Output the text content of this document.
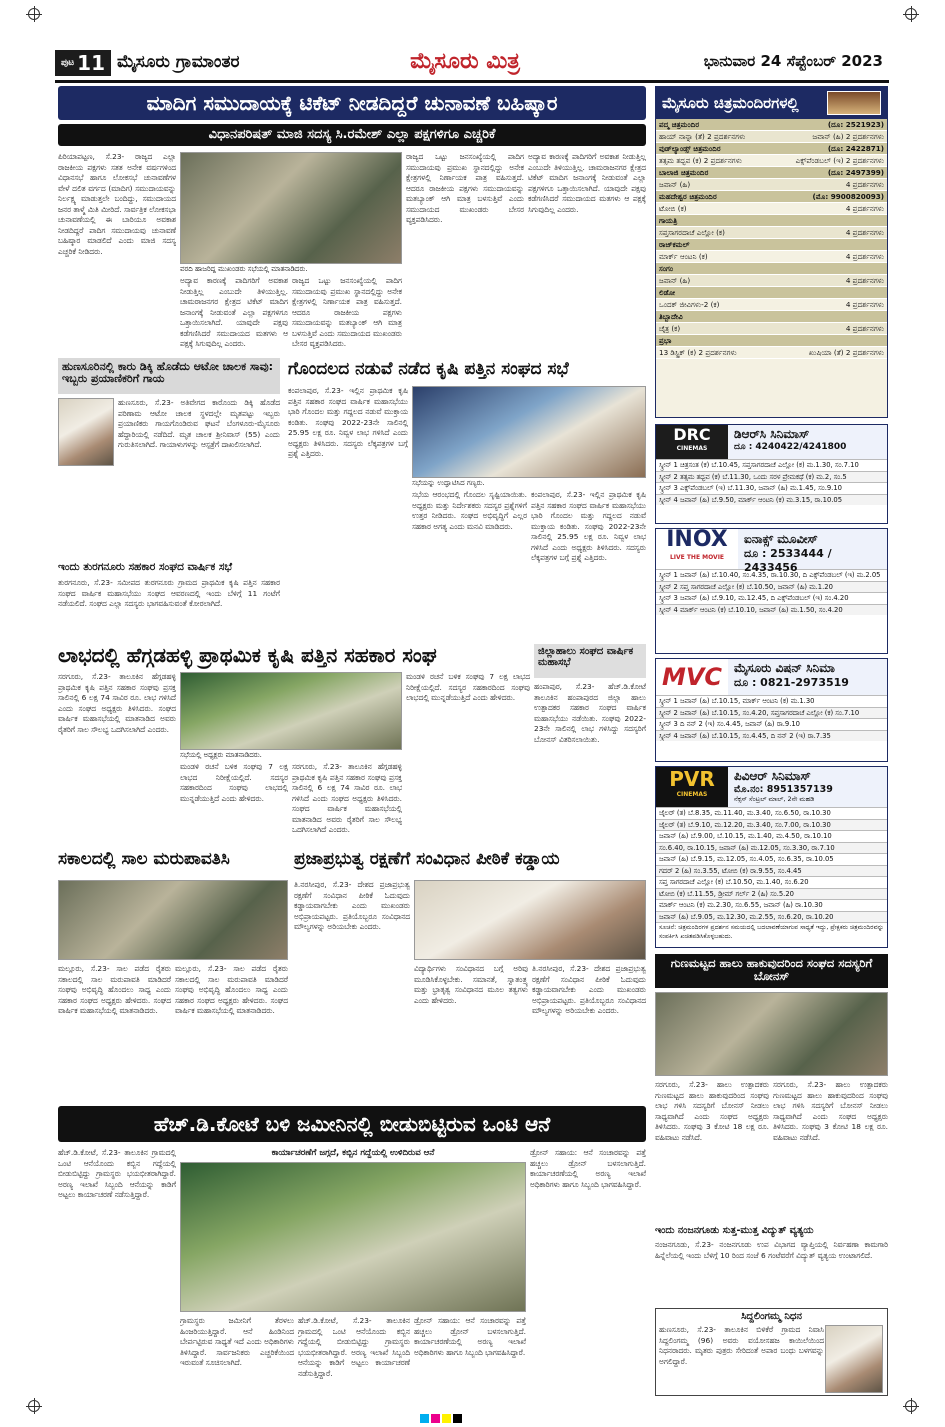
ಪುಟ 11 ಮೈಸೂರು ಗ್ರಾಮಾಂತರ	ಮೈಸೂರು ಮಿತ್ರ	ಭಾನುವಾರ 24 ಸೆಪ್ಟೆಂಬರ್ 2023
ಮಾದಿಗ ಸಮುದಾಯಕ್ಕೆ ಟಿಕೆಟ್ ನೀಡದಿದ್ದರೆ ಚುನಾವಣೆ ಬಹಿಷ್ಕಾರ
ವಿಧಾನಪರಿಷತ್ ಮಾಜಿ ಸದಸ್ಯ ಸಿ.ರಮೇಶ್ ಎಲ್ಲಾ ಪಕ್ಷಗಳಿಗೂ ಎಚ್ಚರಿಕೆ
ಪಿರಿಯಾಪಟ್ಟಣ, ಸೆ.23- ರಾಜ್ಯದ ಎಲ್ಲಾ ರಾಜಕೀಯ ಪಕ್ಷಗಳು ಸತತ ಅನೇಕ ವರ್ಷಗಳಿಂದ ವಿಧಾನಸಭೆ ಹಾಗೂ ಲೋಕಸಭೆ ಚುನಾವಣೆಗಳ ವೇಳೆ ದಲಿತ ವರ್ಗದ (ಮಾದಿಗ) ಸಮುದಾಯವನ್ನು ನಿರ್ಲಕ್ಷ್ಯ ಮಾಡುತ್ತಲೇ ಬಂದಿದ್ದು, ಸಮುದಾಯದ ಜನರ ತಾಳ್ಮೆ ಮಿತಿ ಮೀರಿದೆ. ಸಾರ್ವತ್ರಿಕ ಲೋಕಸಭಾ ಚುನಾವಣೆಯಲ್ಲಿ ಈ ಬಾರಿಯೂ ಅವಕಾಶ ನೀಡದಿದ್ದರೆ ಪಾದಿಗ ಸಮುದಾಯವು ಚುನಾವಣೆ ಬಹಿಷ್ಕಾರ ಮಾಡಲಿದೆ ಎಂದು ಮಾಜಿ ಸದಸ್ಯ ಎಚ್ಚರಿಕೆ ನೀಡಿದರು.
ವರದಿ ಹಾಜರಿದ್ದ ಮುಖಂಡರು ಸಭೆಯಲ್ಲಿ ಮಾತನಾಡಿದರು.
ಅದ್ಯಾವ ಕಾರಣಕ್ಕೆ ಪಾದಿಗರಿಗೆ ಅವಕಾಶ ನೀಡುತ್ತಿಲ್ಲ ಎಂಬುದೇ ತಿಳಿಯುತ್ತಿಲ್ಲ. ಚಾಮರಾಜನಗರ ಕ್ಷೇತ್ರದ ಟಿಕೆಟ್ ಮಾದಿಗ ಜನಾಂಗಕ್ಕೆ ನೀಡುವಂತೆ ಎಲ್ಲಾ ಪಕ್ಷಗಳಿಗೂ ಒತ್ತಾಯಿಸಲಾಗಿದೆ. ಯಾವುದೇ ಪಕ್ಷವು ಕಡೆಗಣಿಸಿದರೆ ಸಮುದಾಯದ ಮತಗಳು ಆ ಪಕ್ಷಕ್ಕೆ ಸಿಗುವುದಿಲ್ಲ ಎಂದರು.
ರಾಜ್ಯದ ಒಟ್ಟು ಜನಸಂಖ್ಯೆಯಲ್ಲಿ ಪಾದಿಗ ಸಮುದಾಯವು ಪ್ರಮುಖ ಸ್ಥಾನದಲ್ಲಿದ್ದು ಅನೇಕ ಕ್ಷೇತ್ರಗಳಲ್ಲಿ ನಿರ್ಣಾಯಕ ಪಾತ್ರ ವಹಿಸುತ್ತದೆ. ಆದರೂ ರಾಜಕೀಯ ಪಕ್ಷಗಳು ಸಮುದಾಯವನ್ನು ಮತಬ್ಯಾಂಕ್ ಆಗಿ ಮಾತ್ರ ಬಳಸುತ್ತಿವೆ ಎಂದು ಸಮುದಾಯದ ಮುಖಂಡರು ಬೇಸರ ವ್ಯಕ್ತಪಡಿಸಿದರು.
ರಾಜ್ಯದ ಒಟ್ಟು ಜನಸಂಖ್ಯೆಯಲ್ಲಿ ಪಾದಿಗ ಸಮುದಾಯವು ಪ್ರಮುಖ ಸ್ಥಾನದಲ್ಲಿದ್ದು ಅನೇಕ ಕ್ಷೇತ್ರಗಳಲ್ಲಿ ನಿರ್ಣಾಯಕ ಪಾತ್ರ ವಹಿಸುತ್ತದೆ. ಆದರೂ ರಾಜಕೀಯ ಪಕ್ಷಗಳು ಸಮುದಾಯವನ್ನು ಮತಬ್ಯಾಂಕ್ ಆಗಿ ಮಾತ್ರ ಬಳಸುತ್ತಿವೆ ಎಂದು ಸಮುದಾಯದ ಮುಖಂಡರು ಬೇಸರ ವ್ಯಕ್ತಪಡಿಸಿದರು.
ಅದ್ಯಾವ ಕಾರಣಕ್ಕೆ ಪಾದಿಗರಿಗೆ ಅವಕಾಶ ನೀಡುತ್ತಿಲ್ಲ ಎಂಬುದೇ ತಿಳಿಯುತ್ತಿಲ್ಲ. ಚಾಮರಾಜನಗರ ಕ್ಷೇತ್ರದ ಟಿಕೆಟ್ ಮಾದಿಗ ಜನಾಂಗಕ್ಕೆ ನೀಡುವಂತೆ ಎಲ್ಲಾ ಪಕ್ಷಗಳಿಗೂ ಒತ್ತಾಯಿಸಲಾಗಿದೆ. ಯಾವುದೇ ಪಕ್ಷವು ಕಡೆಗಣಿಸಿದರೆ ಸಮುದಾಯದ ಮತಗಳು ಆ ಪಕ್ಷಕ್ಕೆ ಸಿಗುವುದಿಲ್ಲ ಎಂದರು.
ಹುಣಸೂರಿನಲ್ಲಿ ಕಾರು ಡಿಕ್ಕಿ ಹೊಡೆದು ಆಟೋ ಚಾಲಕ ಸಾವು: ಇಬ್ಬರು ಪ್ರಯಾಣಿಕರಿಗೆ ಗಾಯ
ಹುಣಸೂರು, ಸೆ.23- ಅತಿವೇಗದ ಕಾರೊಂದು ಡಿಕ್ಕಿ ಹೊಡೆದ ಪರಿಣಾಮ ಆಟೋ ಚಾಲಕ ಸ್ಥಳದಲ್ಲೇ ಮೃತಪಟ್ಟು ಇಬ್ಬರು ಪ್ರಯಾಣಿಕರು ಗಾಯಗೊಂಡಿರುವ ಘಟನೆ ಬೆಂಗಳೂರು-ಮೈಸೂರು ಹೆದ್ದಾರಿಯಲ್ಲಿ ನಡೆದಿದೆ. ಮೃತ ಚಾಲಕ ಶ್ರೀನಿವಾಸ್ (55) ಎಂದು ಗುರುತಿಸಲಾಗಿದೆ. ಗಾಯಾಳುಗಳನ್ನು ಆಸ್ಪತ್ರೆಗೆ ದಾಖಲಿಸಲಾಗಿದೆ.
ಇಂದು ತುರಗನೂರು ಸಹಕಾರ ಸಂಘದ ವಾರ್ಷಿಕ ಸಭೆ
ತುರಗನೂರು, ಸೆ.23- ಸಮೀಪದ ತುರಗನೂರು ಗ್ರಾಮದ ಪ್ರಾಥಮಿಕ ಕೃಷಿ ಪತ್ತಿನ ಸಹಕಾರ ಸಂಘದ ವಾರ್ಷಿಕ ಮಹಾಸಭೆಯು ಸಂಘದ ಆವರಣದಲ್ಲಿ ಇಂದು ಬೆಳಿಗ್ಗೆ 11 ಗಂಟೆಗೆ ನಡೆಯಲಿದೆ. ಸಂಘದ ಎಲ್ಲಾ ಸದಸ್ಯರು ಭಾಗವಹಿಸುವಂತೆ ಕೋರಲಾಗಿದೆ.
ಗೊಂದಲದ ನಡುವೆ ನಡೆದ ಕೃಷಿ ಪತ್ತಿನ ಸಂಘದ ಸಭೆ
ಕಂಪಲಾಪುರ, ಸೆ.23- ಇಲ್ಲಿನ ಪ್ರಾಥಮಿಕ ಕೃಷಿ ಪತ್ತಿನ ಸಹಕಾರ ಸಂಘದ ವಾರ್ಷಿಕ ಮಹಾಸಭೆಯು ಭಾರಿ ಗೊಂದಲ ಮತ್ತು ಗದ್ದಲದ ನಡುವೆ ಮುಕ್ತಾಯ ಕಂಡಿತು. ಸಂಘವು 2022-23ನೇ ಸಾಲಿನಲ್ಲಿ 25.95 ಲಕ್ಷ ರೂ. ನಿವ್ವಳ ಲಾಭ ಗಳಿಸಿದೆ ಎಂದು ಅಧ್ಯಕ್ಷರು ತಿಳಿಸಿದರು. ಸದಸ್ಯರು ಲೆಕ್ಕಪತ್ರಗಳ ಬಗ್ಗೆ ಪ್ರಶ್ನೆ ಎತ್ತಿದರು.
ಸಭೆಯನ್ನು ಉದ್ಘಾಟಿಸಿದ ಗಣ್ಯರು.
ಸಭೆಯ ಆರಂಭದಲ್ಲಿ ಗೊಂದಲ ಸೃಷ್ಟಿಯಾಯಿತು. ಅಧ್ಯಕ್ಷರು ಮತ್ತು ನಿರ್ದೇಶಕರು ಸದಸ್ಯರ ಪ್ರಶ್ನೆಗಳಿಗೆ ಉತ್ತರ ನೀಡಿದರು. ಸಂಘದ ಅಭಿವೃದ್ಧಿಗೆ ಎಲ್ಲರ ಸಹಕಾರ ಅಗತ್ಯ ಎಂದು ಮನವಿ ಮಾಡಿದರು.
ಕಂಪಲಾಪುರ, ಸೆ.23- ಇಲ್ಲಿನ ಪ್ರಾಥಮಿಕ ಕೃಷಿ ಪತ್ತಿನ ಸಹಕಾರ ಸಂಘದ ವಾರ್ಷಿಕ ಮಹಾಸಭೆಯು ಭಾರಿ ಗೊಂದಲ ಮತ್ತು ಗದ್ದಲದ ನಡುವೆ ಮುಕ್ತಾಯ ಕಂಡಿತು. ಸಂಘವು 2022-23ನೇ ಸಾಲಿನಲ್ಲಿ 25.95 ಲಕ್ಷ ರೂ. ನಿವ್ವಳ ಲಾಭ ಗಳಿಸಿದೆ ಎಂದು ಅಧ್ಯಕ್ಷರು ತಿಳಿಸಿದರು. ಸದಸ್ಯರು ಲೆಕ್ಕಪತ್ರಗಳ ಬಗ್ಗೆ ಪ್ರಶ್ನೆ ಎತ್ತಿದರು.
ಲಾಭದಲ್ಲಿ ಹೆಗ್ಗಡಹಳ್ಳಿ ಪ್ರಾಥಮಿಕ ಕೃಷಿ ಪತ್ತಿನ ಸಹಕಾರ ಸಂಘ
ಸರಗೂರು, ಸೆ.23- ತಾಲೂಕಿನ ಹೆಗ್ಗಡಹಳ್ಳಿ ಪ್ರಾಥಮಿಕ ಕೃಷಿ ಪತ್ತಿನ ಸಹಕಾರ ಸಂಘವು ಪ್ರಸಕ್ತ ಸಾಲಿನಲ್ಲಿ 6 ಲಕ್ಷ 74 ಸಾವಿರ ರೂ. ಲಾಭ ಗಳಿಸಿದೆ ಎಂದು ಸಂಘದ ಅಧ್ಯಕ್ಷರು ತಿಳಿಸಿದರು. ಸಂಘದ ವಾರ್ಷಿಕ ಮಹಾಸಭೆಯಲ್ಲಿ ಮಾತನಾಡಿದ ಅವರು ರೈತರಿಗೆ ಸಾಲ ಸೌಲಭ್ಯ ಒದಗಿಸಲಾಗಿದೆ ಎಂದರು.
ಸಭೆಯಲ್ಲಿ ಅಧ್ಯಕ್ಷರು ಮಾತನಾಡಿದರು.
ಮಂಡಳಿ ರಚನೆ ಬಳಿಕ ಸಂಘವು 7 ಲಕ್ಷ ಲಾಭದ ನಿರೀಕ್ಷೆಯಲ್ಲಿದೆ. ಸದಸ್ಯರ ಸಹಕಾರದಿಂದ ಸಂಘವು ಲಾಭದಲ್ಲಿ ಮುನ್ನಡೆಯುತ್ತಿದೆ ಎಂದು ಹೇಳಿದರು.
ಸರಗೂರು, ಸೆ.23- ತಾಲೂಕಿನ ಹೆಗ್ಗಡಹಳ್ಳಿ ಪ್ರಾಥಮಿಕ ಕೃಷಿ ಪತ್ತಿನ ಸಹಕಾರ ಸಂಘವು ಪ್ರಸಕ್ತ ಸಾಲಿನಲ್ಲಿ 6 ಲಕ್ಷ 74 ಸಾವಿರ ರೂ. ಲಾಭ ಗಳಿಸಿದೆ ಎಂದು ಸಂಘದ ಅಧ್ಯಕ್ಷರು ತಿಳಿಸಿದರು. ಸಂಘದ ವಾರ್ಷಿಕ ಮಹಾಸಭೆಯಲ್ಲಿ ಮಾತನಾಡಿದ ಅವರು ರೈತರಿಗೆ ಸಾಲ ಸೌಲಭ್ಯ ಒದಗಿಸಲಾಗಿದೆ ಎಂದರು.
ಮಂಡಳಿ ರಚನೆ ಬಳಿಕ ಸಂಘವು 7 ಲಕ್ಷ ಲಾಭದ ನಿರೀಕ್ಷೆಯಲ್ಲಿದೆ. ಸದಸ್ಯರ ಸಹಕಾರದಿಂದ ಸಂಘವು ಲಾಭದಲ್ಲಿ ಮುನ್ನಡೆಯುತ್ತಿದೆ ಎಂದು ಹೇಳಿದರು.
ಜಿಲ್ಲಾಹಾಲು ಸಂಘದ ವಾರ್ಷಿಕ ಮಹಾಸಭೆ
ಹಂಪಾಪುರ, ಸೆ.23- ಹೆಚ್.ಡಿ.ಕೋಟೆ ತಾಲೂಕಿನ ಹಂಪಾಪುರದ ಜಿಲ್ಲಾ ಹಾಲು ಉತ್ಪಾದಕರ ಸಹಕಾರ ಸಂಘದ ವಾರ್ಷಿಕ ಮಹಾಸಭೆಯು ನಡೆಯಿತು. ಸಂಘವು 2022-23ನೇ ಸಾಲಿನಲ್ಲಿ ಲಾಭ ಗಳಿಸಿದ್ದು ಸದಸ್ಯರಿಗೆ ಬೋನಸ್ ವಿತರಿಸಲಾಯಿತು.
ಸಕಾಲದಲ್ಲಿ ಸಾಲ ಮರುಪಾವತಿಸಿ
ಮಲ್ಲೂರು, ಸೆ.23- ಸಾಲ ಪಡೆದ ರೈತರು ಸಕಾಲದಲ್ಲಿ ಸಾಲ ಮರುಪಾವತಿ ಮಾಡಿದರೆ ಸಂಘವು ಅಭಿವೃದ್ಧಿ ಹೊಂದಲು ಸಾಧ್ಯ ಎಂದು ಸಹಕಾರ ಸಂಘದ ಅಧ್ಯಕ್ಷರು ಹೇಳಿದರು. ಸಂಘದ ವಾರ್ಷಿಕ ಮಹಾಸಭೆಯಲ್ಲಿ ಮಾತನಾಡಿದರು.
ಮಲ್ಲೂರು, ಸೆ.23- ಸಾಲ ಪಡೆದ ರೈತರು ಸಕಾಲದಲ್ಲಿ ಸಾಲ ಮರುಪಾವತಿ ಮಾಡಿದರೆ ಸಂಘವು ಅಭಿವೃದ್ಧಿ ಹೊಂದಲು ಸಾಧ್ಯ ಎಂದು ಸಹಕಾರ ಸಂಘದ ಅಧ್ಯಕ್ಷರು ಹೇಳಿದರು. ಸಂಘದ ವಾರ್ಷಿಕ ಮಹಾಸಭೆಯಲ್ಲಿ ಮಾತನಾಡಿದರು.
ಪ್ರಜಾಪ್ರಭುತ್ವ ರಕ್ಷಣೆಗೆ ಸಂವಿಧಾನ ಪೀಠಿಕೆ ಕಡ್ಡಾಯ
ತಿ.ನರಸೀಪುರ, ಸೆ.23- ದೇಶದ ಪ್ರಜಾಪ್ರಭುತ್ವ ರಕ್ಷಣೆಗೆ ಸಂವಿಧಾನ ಪೀಠಿಕೆ ಓದುವುದು ಕಡ್ಡಾಯವಾಗಬೇಕು ಎಂದು ಮುಖಂಡರು ಅಭಿಪ್ರಾಯಪಟ್ಟರು. ಪ್ರತಿಯೊಬ್ಬರೂ ಸಂವಿಧಾನದ ಮೌಲ್ಯಗಳನ್ನು ಅರಿಯಬೇಕು ಎಂದರು.
ವಿದ್ಯಾರ್ಥಿಗಳು ಸಂವಿಧಾನದ ಬಗ್ಗೆ ಅರಿವು ಮೂಡಿಸಿಕೊಳ್ಳಬೇಕು. ಸಮಾನತೆ, ಸ್ವಾತಂತ್ರ್ಯ ಮತ್ತು ಭ್ರಾತೃತ್ವ ಸಂವಿಧಾನದ ಮೂಲ ತತ್ವಗಳು ಎಂದು ಹೇಳಿದರು.
ತಿ.ನರಸೀಪುರ, ಸೆ.23- ದೇಶದ ಪ್ರಜಾಪ್ರಭುತ್ವ ರಕ್ಷಣೆಗೆ ಸಂವಿಧಾನ ಪೀಠಿಕೆ ಓದುವುದು ಕಡ್ಡಾಯವಾಗಬೇಕು ಎಂದು ಮುಖಂಡರು ಅಭಿಪ್ರಾಯಪಟ್ಟರು. ಪ್ರತಿಯೊಬ್ಬರೂ ಸಂವಿಧಾನದ ಮೌಲ್ಯಗಳನ್ನು ಅರಿಯಬೇಕು ಎಂದರು.
ಹೆಚ್.ಡಿ.ಕೋಟೆ ಬಳಿ ಜಮೀನಿನಲ್ಲಿ ಬೀಡುಬಿಟ್ಟಿರುವ ಒಂಟಿ ಆನೆ
ಹೆಚ್.ಡಿ.ಕೋಟೆ, ಸೆ.23- ತಾಲೂಕಿನ ಗ್ರಾಮದಲ್ಲಿ ಒಂಟಿ ಆನೆಯೊಂದು ಕಬ್ಬಿನ ಗದ್ದೆಯಲ್ಲಿ ಬೀಡುಬಿಟ್ಟಿದ್ದು ಗ್ರಾಮಸ್ಥರು ಭಯಭೀತರಾಗಿದ್ದಾರೆ. ಅರಣ್ಯ ಇಲಾಖೆ ಸಿಬ್ಬಂದಿ ಆನೆಯನ್ನು ಕಾಡಿಗೆ ಅಟ್ಟಲು ಕಾರ್ಯಾಚರಣೆ ನಡೆಸುತ್ತಿದ್ದಾರೆ.
ಕಾರ್ಯಾಚರಣೆಗೆ ಜಗ್ಗದೆ, ಕಬ್ಬಿನ ಗದ್ದೆಯಲ್ಲಿ ಉಳಿದಿರುವ ಆನೆ
ಗ್ರಾಮಸ್ಥರು ಜಮೀನಿಗೆ ತೆರಳಲು ಹಿಂಜರಿಯುತ್ತಿದ್ದಾರೆ. ಆನೆ ಹಿಂಡಿನಿಂದ ಬೇರ್ಪಟ್ಟಿರುವ ಸಾಧ್ಯತೆ ಇದೆ ಎಂದು ಅಧಿಕಾರಿಗಳು ತಿಳಿಸಿದ್ದಾರೆ. ಸಾರ್ವಜನಿಕರು ಎಚ್ಚರಿಕೆಯಿಂದ ಇರುವಂತೆ ಸೂಚಿಸಲಾಗಿದೆ.
ಹೆಚ್.ಡಿ.ಕೋಟೆ, ಸೆ.23- ತಾಲೂಕಿನ ಗ್ರಾಮದಲ್ಲಿ ಒಂಟಿ ಆನೆಯೊಂದು ಕಬ್ಬಿನ ಗದ್ದೆಯಲ್ಲಿ ಬೀಡುಬಿಟ್ಟಿದ್ದು ಗ್ರಾಮಸ್ಥರು ಭಯಭೀತರಾಗಿದ್ದಾರೆ. ಅರಣ್ಯ ಇಲಾಖೆ ಸಿಬ್ಬಂದಿ ಆನೆಯನ್ನು ಕಾಡಿಗೆ ಅಟ್ಟಲು ಕಾರ್ಯಾಚರಣೆ ನಡೆಸುತ್ತಿದ್ದಾರೆ.
ಡ್ರೋನ್ ಸಹಾಯ: ಆನೆ ಸಂಚಾರವನ್ನು ಪತ್ತೆ ಹಚ್ಚಲು ಡ್ರೋನ್ ಬಳಸಲಾಗುತ್ತಿದೆ. ಕಾರ್ಯಾಚರಣೆಯಲ್ಲಿ ಅರಣ್ಯ ಇಲಾಖೆ ಅಧಿಕಾರಿಗಳು ಹಾಗೂ ಸಿಬ್ಬಂದಿ ಭಾಗವಹಿಸಿದ್ದಾರೆ.
ಡ್ರೋನ್ ಸಹಾಯ: ಆನೆ ಸಂಚಾರವನ್ನು ಪತ್ತೆ ಹಚ್ಚಲು ಡ್ರೋನ್ ಬಳಸಲಾಗುತ್ತಿದೆ. ಕಾರ್ಯಾಚರಣೆಯಲ್ಲಿ ಅರಣ್ಯ ಇಲಾಖೆ ಅಧಿಕಾರಿಗಳು ಹಾಗೂ ಸಿಬ್ಬಂದಿ ಭಾಗವಹಿಸಿದ್ದಾರೆ.
ಮೈಸೂರು ಚಿತ್ರಮಂದಿರಗಳಲ್ಲಿ
ಪದ್ಮ ಚಿತ್ರಮಂದಿರ	(ದೂ: 2521923)
ಹಾಯ್ ನಾನ್ನಾ (ತೆ) 2 ಪ್ರದರ್ಶನಗಳು	ಜವಾನ್ (ಹಿ) 2 ಪ್ರದರ್ಶನಗಳು
ವುಡ್‌ಲ್ಯಾಂಡ್ಸ್ ಚಿತ್ರಮಂದಿರ	(ದೂ: 2422871)
ತತ್ಸಮ ತದ್ಭವ (ಕ) 2 ಪ್ರದರ್ಶನಗಳು	ಎಕ್ಸ್‌ಪೆಂಡಬಲ್ (ಇ) 2 ಪ್ರದರ್ಶನಗಳು
ಬಾಲಾಜಿ ಚಿತ್ರಮಂದಿರ	(ದೂ: 2497399)
ಜವಾನ್ (ಹಿ)	4 ಪ್ರದರ್ಶನಗಳು
ಮಹದೇಶ್ವರ ಚಿತ್ರಮಂದಿರ	(ಮೊ: 9900820093)
ಟೋಬಿ (ಕ)	4 ಪ್ರದರ್ಶನಗಳು
ಗಾಯತ್ರಿ
ಸಪ್ತಸಾಗರದಾಚೆ ಎಲ್ಲೋ (ಕ)	4 ಪ್ರದರ್ಶನಗಳು
ರಾಜ್‌ಕಮಲ್
ಮಾರ್ಕ್ ಆಂಟನಿ (ಕ)	4 ಪ್ರದರ್ಶನಗಳು
ಸಂಗಂ
ಜವಾನ್ (ಹಿ)	4 ಪ್ರದರ್ಶನಗಳು
ಲಿಡೋ
ಒಂದಕ್ ಜೀವಿಗಳು-2 (ಕ)	4 ಪ್ರದರ್ಶನಗಳು
ತಿಬ್ಬಾದೇವಿ
ಚೈತ್ರ (ಕ)	4 ಪ್ರದರ್ಶನಗಳು
ಪ್ರಭಾ
13 ಡಿಸ್ಟ್ರಿಕ್ (ಕ) 2 ಪ್ರದರ್ಶನಗಳು	ಖುಷಿಯಾ (ತೆ) 2 ಪ್ರದರ್ಶನಗಳು
DRC
CINEMAS
ಡಿಆರ್‌ಸಿ ಸಿನಿಮಾಸ್
ದೂ : 4240422/4241800
ಸ್ಕ್ರೀನ್ 1 ಚಿತ್ರಸಂತ (ಕ) ಬೆ.10.45, ಸಪ್ತಸಾಗರದಾಚೆ ಎಲ್ಲೋ (ಕ) ಮ.1.30, ಸಂ.7.10
ಸ್ಕ್ರೀನ್ 2 ತತ್ಸಮ ತದ್ಭವ (ಕ) ಬೆ.11.30, ಒಂದು ಸರಳ ಪ್ರೇಮಕಥೆ (ಕ) ಮ.2, ಸಂ.5
ಸ್ಕ್ರೀನ್ 3 ಎಕ್ಸ್‌ಪೆಂಡಬಲ್ (ಇ) ಬೆ.11.30, ಜವಾನ್ (ಹಿ) ಮ.1.45, ಸಂ.9.10
ಸ್ಕ್ರೀನ್ 4 ಜವಾನ್ (ಹಿ) ಬೆ.9.50, ಮಾರ್ಕ್ ಆಂಟನಿ (ಕ) ಮ.3.15, ರಾ.10.05
INOX
LIVE THE MOVIE
ಐನಾಕ್ಸ್ ಮೂವೀಸ್
ದೂ : 2533444 / 2433456
ಸ್ಕ್ರೀನ್ 1 ಜವಾನ್ (ಹಿ) ಬೆ.10.40, ಸಂ.4.35, ರಾ.10.30, ದಿ ಎಕ್ಸ್‌ಪೆಂಡಬಲ್ (ಇ) ಮ.2.05
ಸ್ಕ್ರೀನ್ 2 ಸಪ್ತ ಸಾಗರದಾಚೆ ಎಲ್ಲೋ (ಕ) ಬೆ.10.50, ಜವಾನ್ (ಹಿ) ಮ.1.20
ಸ್ಕ್ರೀನ್ 3 ಜವಾನ್ (ಹಿ) ಬೆ.9.10, ಮ.12.45, ದಿ ಎಕ್ಸ್‌ಪೆಂಡಬಲ್ (ಇ) ಸಂ.4.20
ಸ್ಕ್ರೀನ್ 4 ಮಾರ್ಕ್ ಆಂಟನಿ (ಕ) ಬೆ.10.10, ಜವಾನ್ (ಹಿ) ಮ.1.50, ಸಂ.4.20
MVC ಮೈಸೂರು ವಿಷನ್ ಸಿನಿಮಾ
ದೂ : 0821-2973519
ಸ್ಕ್ರೀನ್ 1 ಜವಾನ್ (ಹಿ) ಬೆ.10.15, ಮಾರ್ಕ್ ಆಂಟನಿ (ಕ) ಮ.1.30
ಸ್ಕ್ರೀನ್ 2 ಜವಾನ್ (ಹಿ) ಬೆ.10.15, ಸಂ.4.20, ಸಪ್ತಸಾಗರದಾಚೆ ಎಲ್ಲೋ (ಕ) ಸಂ.7.10
ಸ್ಕ್ರೀನ್ 3 ದಿ ನನ್ 2 (ಇ) ಸಂ.4.45, ಜವಾನ್ (ಹಿ) ರಾ.9.10
ಸ್ಕ್ರೀನ್ 4 ಜವಾನ್ (ಹಿ) ಬೆ.10.15, ಸಂ.4.45, ದಿ ನನ್ 2 (ಇ) ರಾ.7.35
PVR
CINEMAS
ಪಿವಿಆರ್ ಸಿನಿಮಾಸ್
ಮೊ.ನಂ: 8951357139
ನೆಕ್ಸಸ್ ಸೆಂಟ್ರಲ್ ಮಾಲ್, 2ನೇ ಮಹಡಿ
ಜೈಲರ್ (ತ) ಬೆ.8.35, ಮ.11.40, ಮ.3.40, ಸಂ.6.50, ರಾ.10.30
ಜೈಲರ್ (ತ) ಬೆ.9.10, ಮ.12.20, ಮ.3.40, ಸಂ.7.00, ರಾ.10.30
ಜವಾನ್ (ಹಿ) ಬೆ.9.00, ಬೆ.10.15, ಮ.1.40, ಮ.4.50, ರಾ.10.10
ಸಂ.6.40, ರಾ.10.15, ಜವಾನ್ (ಹಿ) ಮ.12.05, ಸಂ.3.30, ರಾ.7.10
ಜವಾನ್ (ಹಿ) ಬೆ.9.15, ಮ.12.05, ಸಂ.4.05, ಸಂ.6.35, ರಾ.10.05
ಗದರ್ 2 (ಹಿ) ಸಂ.3.55, ಟೋಬಿ (ಕ) ರಾ.9.55, ಸಂ.4.45
ಸಪ್ತ ಸಾಗರದಾಚೆ ಎಲ್ಲೋ (ಕ) ಬೆ.10.50, ಮ.1.40, ಸಂ.6.20
ಟೋಬಿ (ಕ) ಬೆ.11.55, ಡ್ರೀಮ್ ಗರ್ಲ್ 2 (ಹಿ) ಸಂ.5.20
ಮಾರ್ಕ್ ಆಂಟನಿ (ಕ) ಮ.2.30, ಸಂ.6.55, ಜವಾನ್ (ಹಿ) ರಾ.10.30
ಜವಾನ್ (ಹಿ) ಬೆ.9.05, ಮ.12.30, ಮ.2.55, ಸಂ.6.20, ರಾ.10.20
ಸೂಚನೆ: ಚಿತ್ರಮಂದಿರಗಳ ಪ್ರದರ್ಶನ ಸಮಯದಲ್ಲಿ ಬದಲಾವಣೆಯಾಗುವ ಸಾಧ್ಯತೆ ಇದ್ದು, ಪ್ರೇಕ್ಷಕರು ಚಿತ್ರಮಂದಿರವನ್ನು ಸಂಪರ್ಕಿಸಿ ಖಚಿತಪಡಿಸಿಕೊಳ್ಳಬಹುದು.
ಗುಣಮಟ್ಟದ ಹಾಲು ಹಾಕುವುದರಿಂದ ಸಂಘದ ಸದಸ್ಯರಿಗೆ ಬೋನಸ್
ಸರಗೂರು, ಸೆ.23- ಹಾಲು ಉತ್ಪಾದಕರು ಗುಣಮಟ್ಟದ ಹಾಲು ಹಾಕುವುದರಿಂದ ಸಂಘವು ಲಾಭ ಗಳಿಸಿ ಸದಸ್ಯರಿಗೆ ಬೋನಸ್ ನೀಡಲು ಸಾಧ್ಯವಾಗಿದೆ ಎಂದು ಸಂಘದ ಅಧ್ಯಕ್ಷರು ತಿಳಿಸಿದರು. ಸಂಘವು 3 ಕೋಟಿ 18 ಲಕ್ಷ ರೂ. ವಹಿವಾಟು ನಡೆಸಿದೆ.
ಸರಗೂರು, ಸೆ.23- ಹಾಲು ಉತ್ಪಾದಕರು ಗುಣಮಟ್ಟದ ಹಾಲು ಹಾಕುವುದರಿಂದ ಸಂಘವು ಲಾಭ ಗಳಿಸಿ ಸದಸ್ಯರಿಗೆ ಬೋನಸ್ ನೀಡಲು ಸಾಧ್ಯವಾಗಿದೆ ಎಂದು ಸಂಘದ ಅಧ್ಯಕ್ಷರು ತಿಳಿಸಿದರು. ಸಂಘವು 3 ಕೋಟಿ 18 ಲಕ್ಷ ರೂ. ವಹಿವಾಟು ನಡೆಸಿದೆ.
ಇಂದು ನಂಜನಗೂಡು ಸುತ್ತ-ಮುತ್ತ ವಿದ್ಯುತ್ ವ್ಯತ್ಯಯ
ನಂಜನಗೂಡು, ಸೆ.23- ನಂಜನಗೂಡು ಉಪ ವಿಭಾಗದ ವ್ಯಾಪ್ತಿಯಲ್ಲಿ ನಿರ್ವಹಣಾ ಕಾಮಗಾರಿ ಹಿನ್ನೆಲೆಯಲ್ಲಿ ಇಂದು ಬೆಳಿಗ್ಗೆ 10 ರಿಂದ ಸಂಜೆ 6 ಗಂಟೆವರೆಗೆ ವಿದ್ಯುತ್ ವ್ಯತ್ಯಯ ಉಂಟಾಗಲಿದೆ.
ಸಿದ್ದಲಿಂಗಮ್ಮ ನಿಧನ
ಹುಣಸೂರು, ಸೆ.23- ತಾಲೂಕಿನ ಬಿಳಿಕೆರೆ ಗ್ರಾಮದ ನಿವಾಸಿ ಸಿದ್ದಲಿಂಗಮ್ಮ (96) ಅವರು ವಯೋಸಹಜ ಕಾಯಿಲೆಯಿಂದ ನಿಧನರಾದರು. ಮೃತರು ಪುತ್ರರು ಸೇರಿದಂತೆ ಅಪಾರ ಬಂಧು ಬಳಗವನ್ನು ಅಗಲಿದ್ದಾರೆ.
